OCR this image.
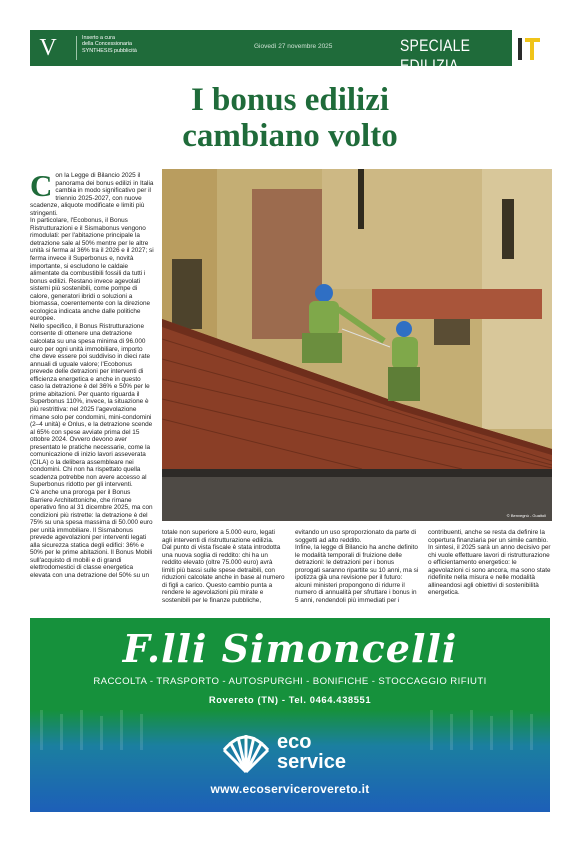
V	Inserto a cura
della Concessionaria
SYNTHESIS pubblicità
Giovedì 27 novembre 2025	SPECIALE EDILIZIA
I bonus edilizi
cambiano volto
C on la Legge di Bilancio 2025 il panorama dei bonus edilizi in Italia cambia in modo significativo per il triennio 2025-2027, con nuove scadenze, aliquote modificate e limiti più stringenti.

In particolare, l'Ecobonus, il Bonus Ristrutturazioni e il Sismabonus vengono rimodulati: per l'abitazione principale la detrazione sale al 50% mentre per le altre unità si ferma al 36% tra il 2026 e il 2027; si ferma invece il Superbonus e, novità importante, si escludono le caldaie alimentate da combustibili fossili da tutti i bonus edilizi. Restano invece agevolati sistemi più sostenibili, come pompe di calore, generatori ibridi o soluzioni a biomassa, coerentemente con la direzione ecologica indicata anche dalle politiche europee.

Nello specifico, il Bonus Ristrutturazione consente di ottenere una detrazione calcolata su una spesa minima di 96.000 euro per ogni unità immobiliare, importo che deve essere poi suddiviso in dieci rate annuali di uguale valore; l'Ecobonus prevede delle detrazioni per interventi di efficienza energetica e anche in questo caso la detrazione è del 36% e 50% per le prime abitazioni. Per quanto riguarda il Superbonus 110%, invece, la situazione è più restrittiva: nel 2025 l'agevolazione rimane solo per condomini, mini-condomini (2–4 unità) e Onlus, e la detrazione scende al 65% con spese avviate prima del 15 ottobre 2024. Ovvero devono aver presentato le pratiche necessarie, come la comunicazione di inizio lavori asseverata (CILA) o la delibera assembleare nei condomini. Chi non ha rispettato quella scadenza potrebbe non avere accesso al Superbonus ridotto per gli interventi.

C'è anche una proroga per il Bonus Barriere Architettoniche, che rimane operativo fino al 31 dicembre 2025, ma con condizioni più ristrette: la detrazione è del 75% su una spesa massima di 50.000 euro per unità immobiliare. Il Sismabonus prevede agevolazioni per interventi legati alla sicurezza statica degli edifici: 36% e 50% per le prime abitazioni. Il Bonus Mobili sull'acquisto di mobili e di grandi elettrodomestici di classe energetica elevata con una detrazione del 50% su un

© Benvegnù - Guaitoli

totale non superiore a 5.000 euro, legati agli interventi di ristrutturazione edilizia.

Dal punto di vista fiscale è stata introdotta una nuova soglia di reddito: chi ha un reddito elevato (oltre 75.000 euro) avrà limiti più bassi sulle spese detraibili, con riduzioni calcolate anche in base al numero di figli a carico. Questo cambio punta a rendere le agevolazioni più mirate e sostenibili per le finanze pubbliche,

evitando un uso sproporzionato da parte di soggetti ad alto reddito.

Infine, la legge di Bilancio ha anche definito le modalità temporali di fruizione delle detrazioni: le detrazioni per i bonus prorogati saranno ripartite su 10 anni, ma si ipotizza già una revisione per il futuro: alcuni ministeri propongono di ridurre il numero di annualità per sfruttare i bonus in 5 anni, rendendoli più immediati per i

contribuenti, anche se resta da definire la copertura finanziaria per un simile cambio.

In sintesi, il 2025 sarà un anno decisivo per chi vuole effettuare lavori di ristrutturazione o efficientamento energetico: le agevolazioni ci sono ancora, ma sono state ridefinite nella misura e nelle modalità allineandosi agli obiettivi di sostenibilità energetica.

F.lli Simoncelli
RACCOLTA - TRASPORTO - AUTOSPURGHI - BONIFICHE - STOCCAGGIO RIFIUTI
Rovereto (TN) - Tel. 0464.438551
eco
service
www.ecoservicerovereto.it
